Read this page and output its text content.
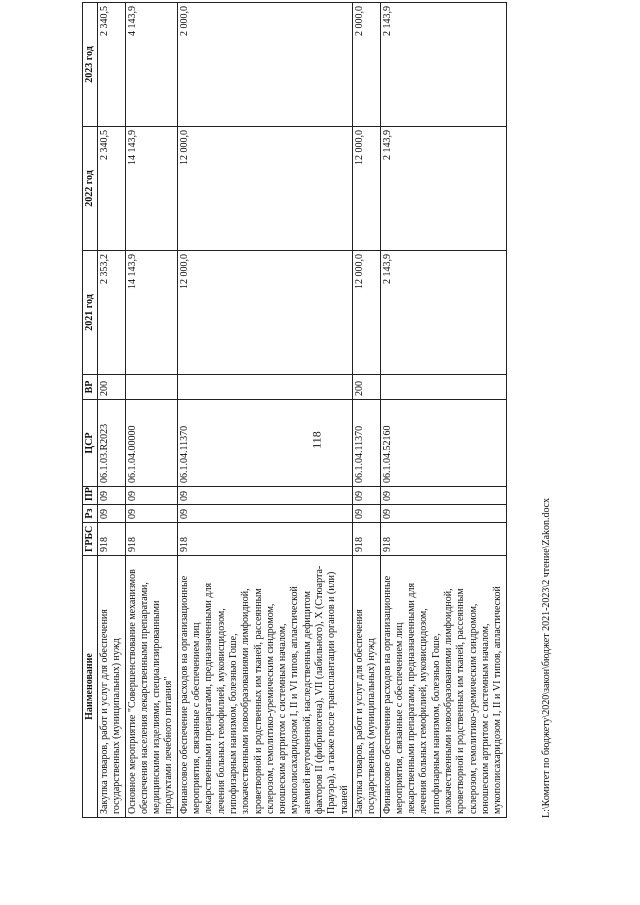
118
Наименование	ГРБС	Рз	ПР	ЦСР	ВР	2021 год	2022 год	2023 год
Закупка товаров, работ и услуг для обеспечения государственных (муниципальных) нужд	918	09	09	06.1.03.R2023	200	2 353,2	2 340,5	2 340,5
Основное мероприятие "Совершенствование механизмов обеспечения населения лекарственными препаратами, медицинскими изделиями, специализированными продуктами лечебного питания"	918	09	09	06.1.04.00000		14 143,9	14 143,9	4 143,9
Финансовое обеспечение расходов на организационные мероприятия, связанные с обеспечением лиц лекарственными препаратами, предназначенными для лечения больных гемофилией, муковисцидозом, гипофизарным нанизмом, болезнью Гоше, злокачественными новообразованиями лимфоидной, кроветворной и родственных им тканей, рассеянным склерозом, гемолитико-уремическим синдромом, юношеским артритом с системным началом, мукополисахаридозом I, II и VI типов, апластической анемией неуточненной, наследственным дефицитом факторов II (фибриногена), VII (лабильного), X (Стюарта-Прауэра), а также после трансплантации органов и (или) тканей	918	09	09	06.1.04.11370		12 000,0	12 000,0	2 000,0
Закупка товаров, работ и услуг для обеспечения государственных (муниципальных) нужд	918	09	09	06.1.04.11370	200	12 000,0	12 000,0	2 000,0
Финансовое обеспечение расходов на организационные мероприятия, связанные с обеспечением лиц лекарственными препаратами, предназначенными для лечения больных гемофилией, муковисцидозом, гипофизарным нанизмом, болезнью Гоше, злокачественными новообразованиями лимфоидной, кроветворной и родственных им тканей, рассеянным склерозом, гемолитико-уремическим синдромом, юношеским артритом с системным началом, мукополисахаридозом I, II и VI типов, апластической	918	09	09	06.1.04.52160		2 143,9	2 143,9	2 143,9
L:\Комитет по бюджету\2020\закон\бюджет 2021-2023\2 чтение\Zakon.docx
